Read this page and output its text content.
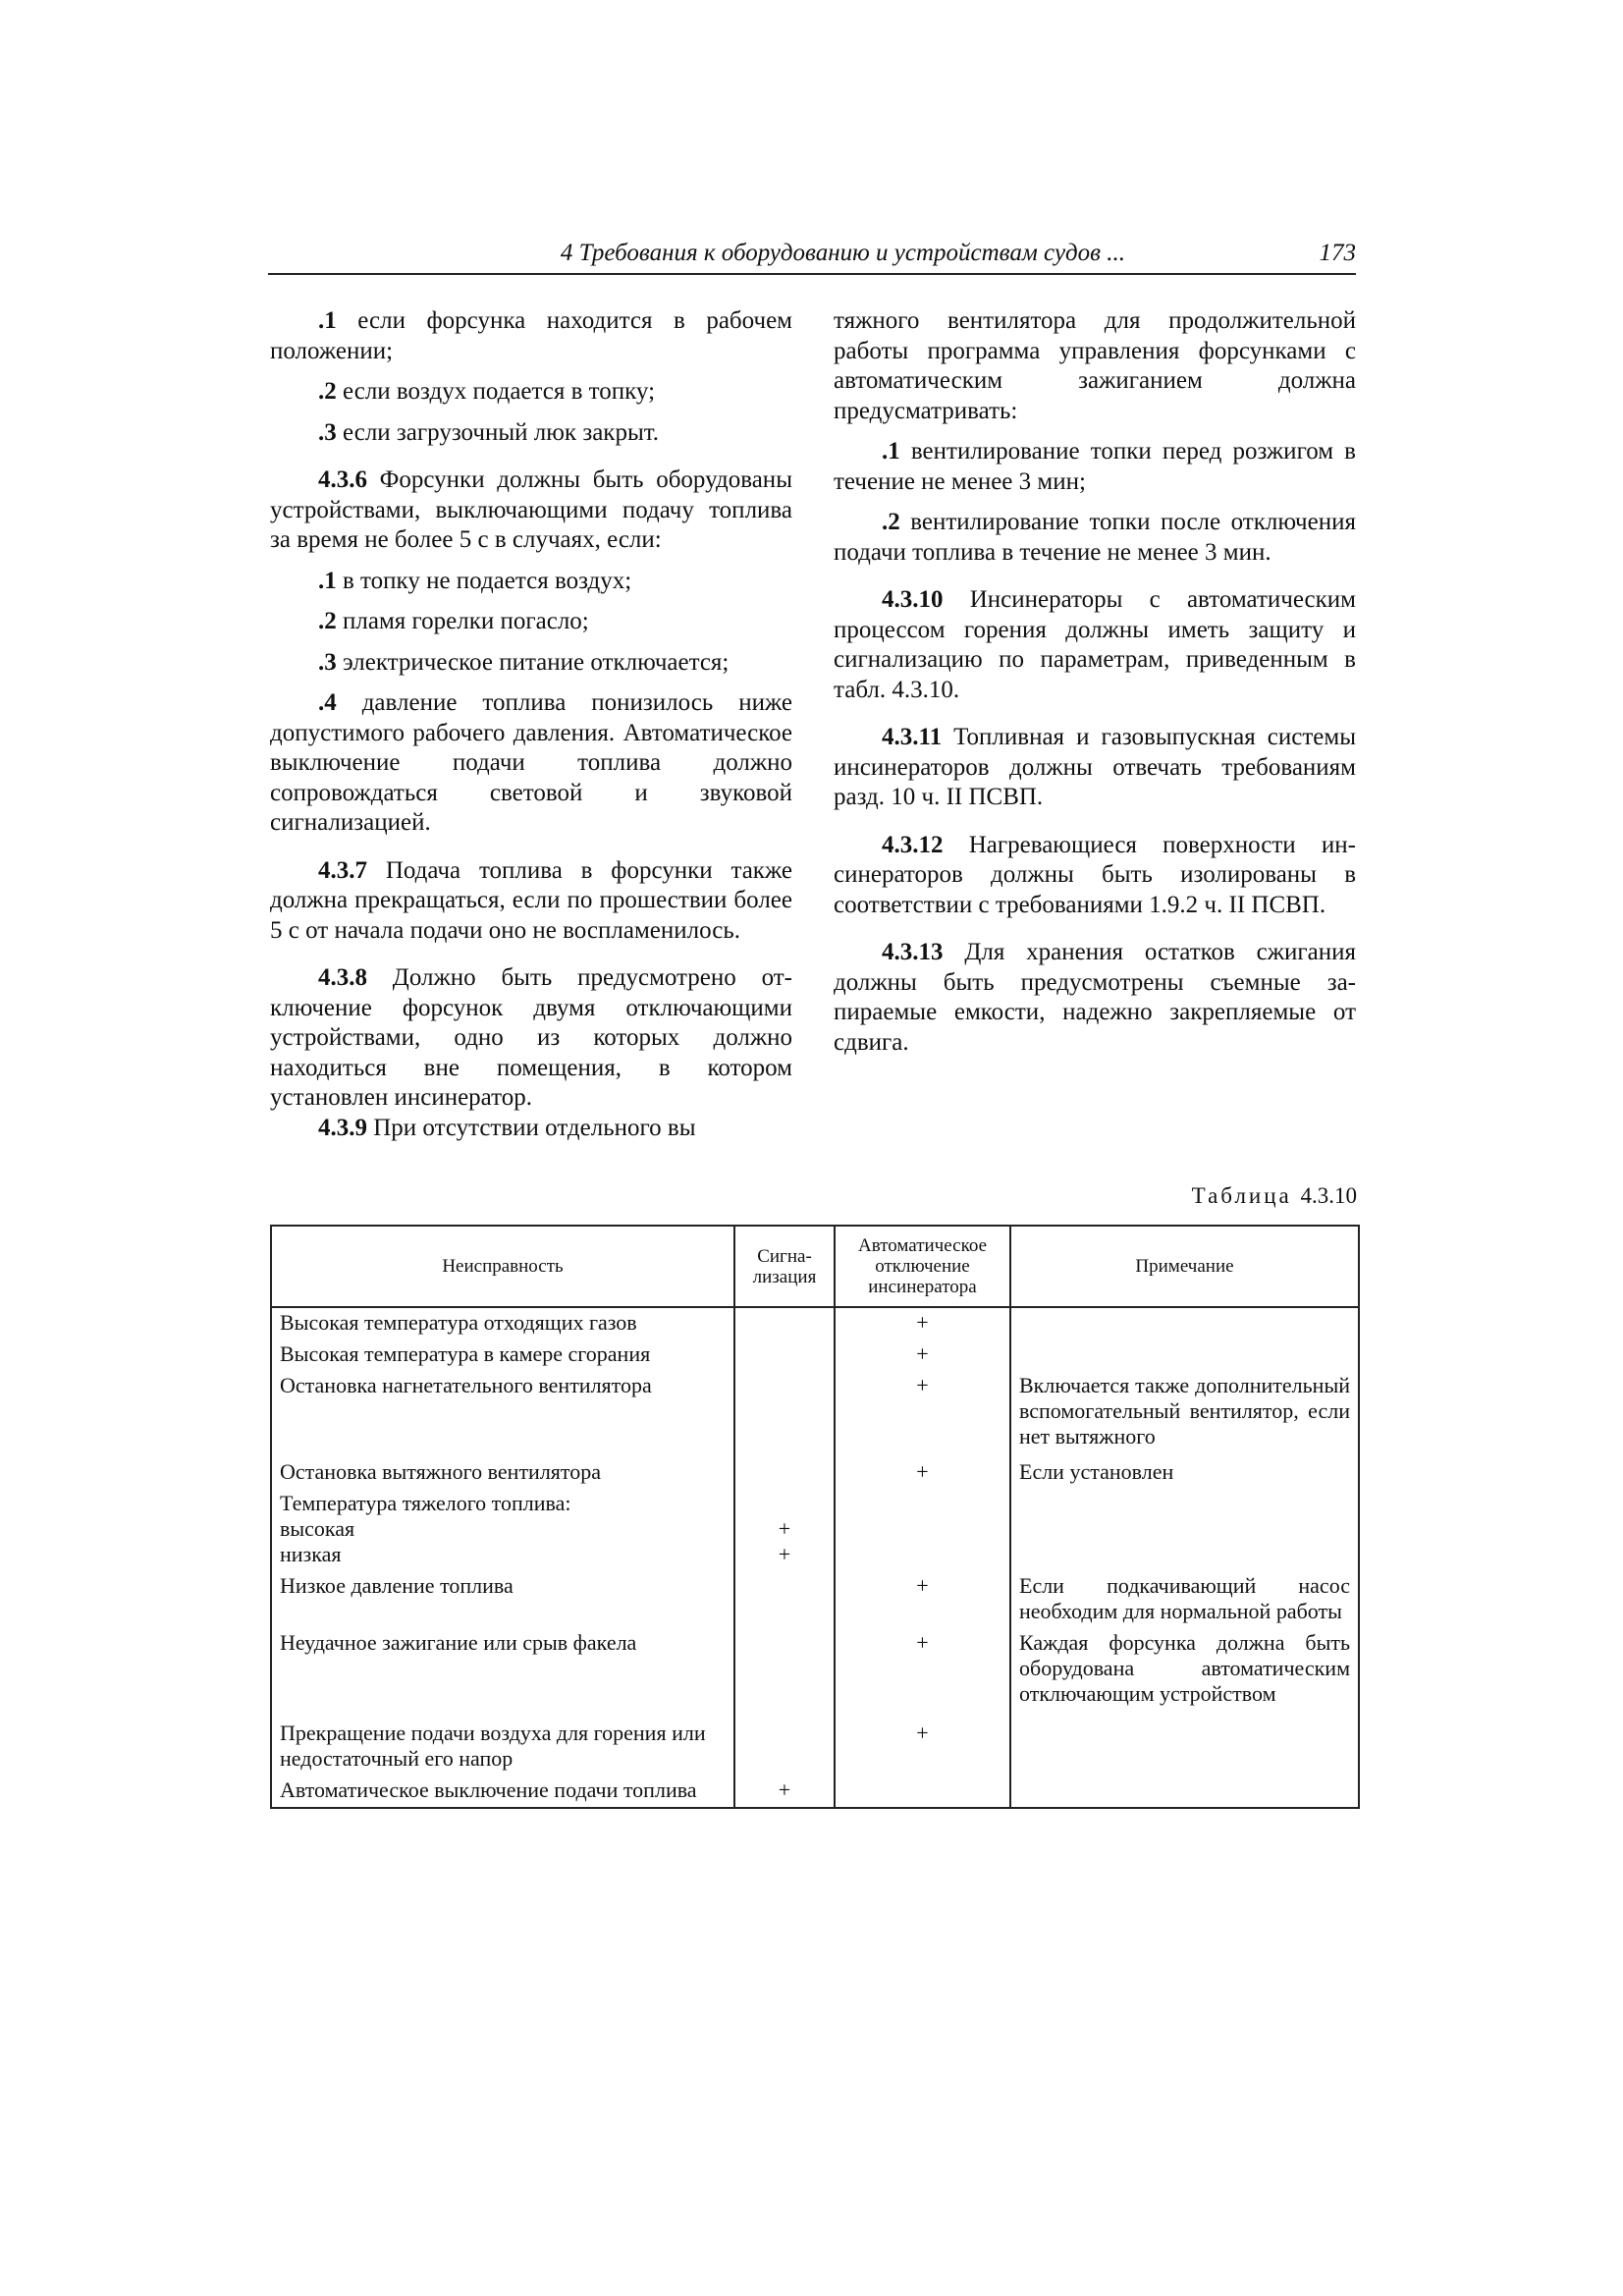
4 Требования к оборудованию и устройствам судов ...	173

.1 если форсунка находится в рабочем положении;

.2 если воздух подается в топку;

.3 если загрузочный люк закрыт.

4.3.6 Форсунки должны быть оборудованы устройствами, выключающими подачу топлива за время не более 5 с в случаях, если:

.1 в топку не подается воздух;

.2 пламя горелки погасло;

.3 электрическое питание отключается;

.4 давление топлива понизилось ниже допустимого рабочего давления. Автоматическое выключение подачи топлива должно сопровождаться световой и звуковой сигнализацией.

4.3.7 Подача топлива в форсунки также должна прекращаться, если по прошествии более 5 с от начала подачи оно не воспламенилось.

4.3.8 Должно быть предусмотрено отключение форсунок двумя отключающими устройствами, одно из которых должно находиться вне помещения, в котором установлен инсинератор.

4.3.9 При отсутствии отдельного вы

тяжного вентилятора для продолжительной работы программа управления форсунками с автоматическим зажиганием должна предусматривать:

.1 вентилирование топки перед розжигом в течение не менее 3 мин;

.2 вентилирование топки после отключения подачи топлива в течение не менее 3 мин.

4.3.10 Инсинераторы с автоматическим процессом горения должны иметь защиту и сигнализацию по параметрам, приведенным в табл. 4.3.10.

4.3.11 Топливная и газовыпускная системы инсинераторов должны отвечать требованиям разд. 10 ч. II ПСВП.

4.3.12 Нагревающиеся поверхности инсинераторов должны быть изолированы в соответствии с требованиями 1.9.2 ч. II ПСВП.

4.3.13 Для хранения остатков сжигания должны быть предусмотрены съемные запираемые емкости, надежно закрепляемые от сдвига.

Таблица 4.3.10
Неисправность	Сигнализация	Автоматическое отключение инсинератора	Примечание
Высокая температура отходящих газов		+	
Высокая температура в камере сгорания		+	
Остановка нагнетательного вентилятора		+	Включается также дополнительный вспомогательный вентилятор, если нет вытяжного
Остановка вытяжного вентилятора		+	Если установлен
Температура тяжелого топлива:			
высокая	+		
низкая	+		
Низкое давление топлива		+	Если подкачивающий насос необходим для нормальной работы
Неудачное зажигание или срыв факела		+	Каждая форсунка должна быть оборудована автоматическим отключающим устройством
Прекращение подачи воздуха для горения или недостаточный его напор		+	
Автоматическое выключение подачи топлива	+		
